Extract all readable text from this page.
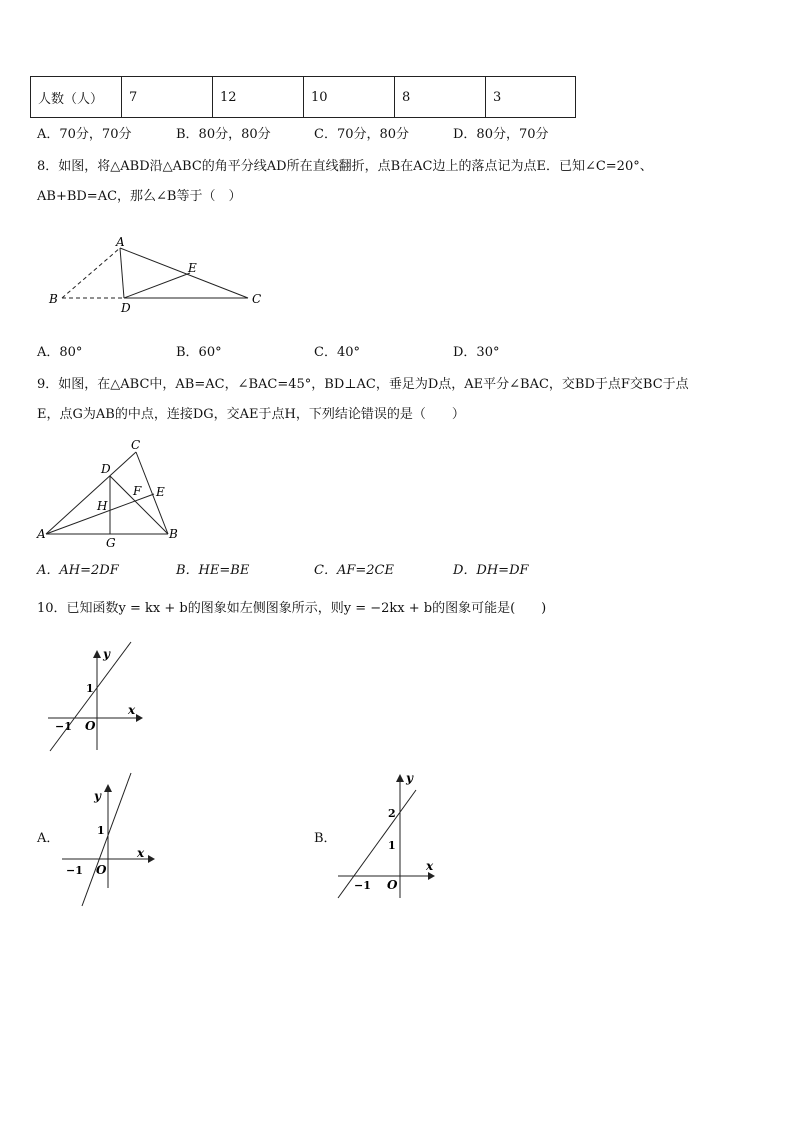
人数（人）	7	12	10	8	3
A．70分，70分	B．80分，80分	C．70分，80分	D．80分，70分
8．如图，将△ABD沿△ABC的角平分线AD所在直线翻折，点B在AC边上的落点记为点E．已知∠C=20°、
AB+BD=AC，那么∠B等于（　）
A
B	C
D
E
A．80°	B．60°	C．40°	D．30°
9．如图，在△ABC中，AB=AC，∠BAC=45°，BD⊥AC，垂足为D点，AE平分∠BAC，交BD于点F交BC于点
E，点G为AB的中点，连接DG，交AE于点H，下列结论错误的是（　　）
C
D
E
F
H
A	B
G
A．AH=2DF	B．HE=BE	C．AF=2CE	D．DH=DF
10．已知函数y = kx + b的图象如左侧图象所示，则y = −2kx + b的图象可能是(　　)
y
x
O
1
−1
A．
y
x
O
1
−1
B．
y
x
O
1
2
−1
